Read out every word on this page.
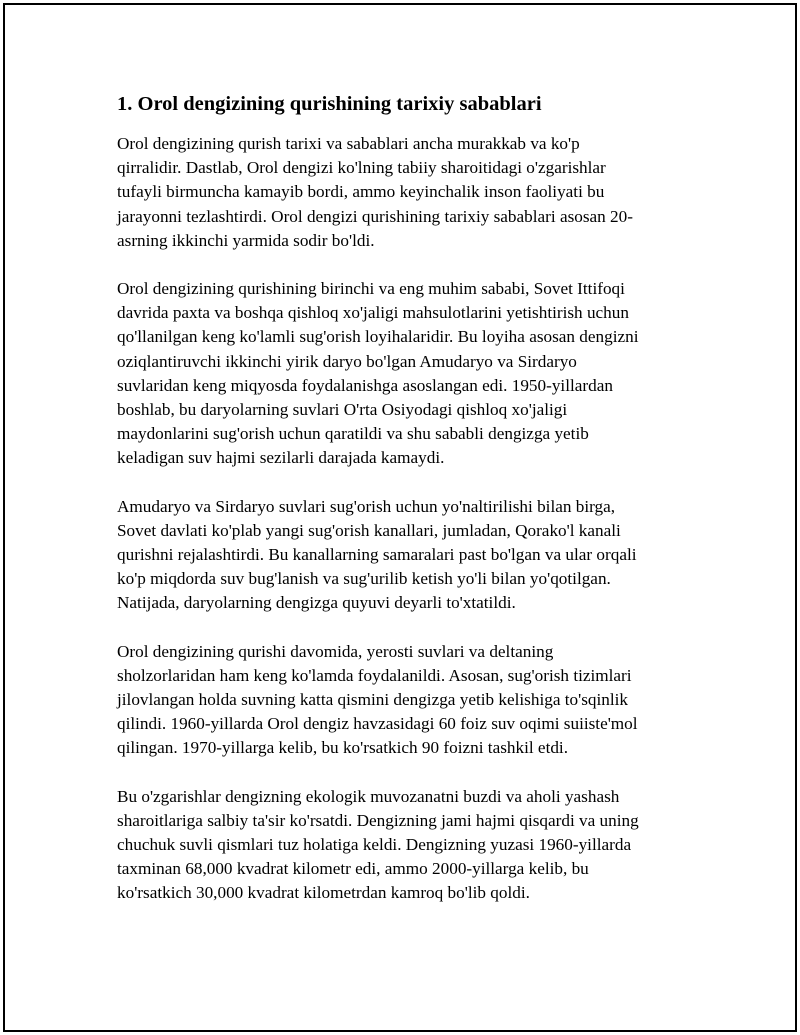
1. Orol dengizining qurishining tarixiy sabablari

Orol dengizining qurish tarixi va sabablari ancha murakkab va ko'p
qirralidir. Dastlab, Orol dengizi ko'lning tabiiy sharoitidagi o'zgarishlar
tufayli birmuncha kamayib bordi, ammo keyinchalik inson faoliyati bu
jarayonni tezlashtirdi. Orol dengizi qurishining tarixiy sabablari asosan 20-
asrning ikkinchi yarmida sodir bo'ldi.

Orol dengizining qurishining birinchi va eng muhim sababi, Sovet Ittifoqi
davrida paxta va boshqa qishloq xo'jaligi mahsulotlarini yetishtirish uchun
qo'llanilgan keng ko'lamli sug'orish loyihalaridir. Bu loyiha asosan dengizni
oziqlantiruvchi ikkinchi yirik daryo bo'lgan Amudaryo va Sirdaryo
suvlaridan keng miqyosda foydalanishga asoslangan edi. 1950-yillardan
boshlab, bu daryolarning suvlari O'rta Osiyodagi qishloq xo'jaligi
maydonlarini sug'orish uchun qaratildi va shu sababli dengizga yetib
keladigan suv hajmi sezilarli darajada kamaydi.

Amudaryo va Sirdaryo suvlari sug'orish uchun yo'naltirilishi bilan birga,
Sovet davlati ko'plab yangi sug'orish kanallari, jumladan, Qorako'l kanali
qurishni rejalashtirdi. Bu kanallarning samaralari past bo'lgan va ular orqali
ko'p miqdorda suv bug'lanish va sug'urilib ketish yo'li bilan yo'qotilgan.
Natijada, daryolarning dengizga quyuvi deyarli to'xtatildi.

Orol dengizining qurishi davomida, yerosti suvlari va deltaning
sholzorlaridan ham keng ko'lamda foydalanildi. Asosan, sug'orish tizimlari
jilovlangan holda suvning katta qismini dengizga yetib kelishiga to'sqinlik
qilindi. 1960-yillarda Orol dengiz havzasidagi 60 foiz suv oqimi suiiste'mol
qilingan. 1970-yillarga kelib, bu ko'rsatkich 90 foizni tashkil etdi.

Bu o'zgarishlar dengizning ekologik muvozanatni buzdi va aholi yashash
sharoitlariga salbiy ta'sir ko'rsatdi. Dengizning jami hajmi qisqardi va uning
chuchuk suvli qismlari tuz holatiga keldi. Dengizning yuzasi 1960-yillarda
taxminan 68,000 kvadrat kilometr edi, ammo 2000-yillarga kelib, bu
ko'rsatkich 30,000 kvadrat kilometrdan kamroq bo'lib qoldi.
